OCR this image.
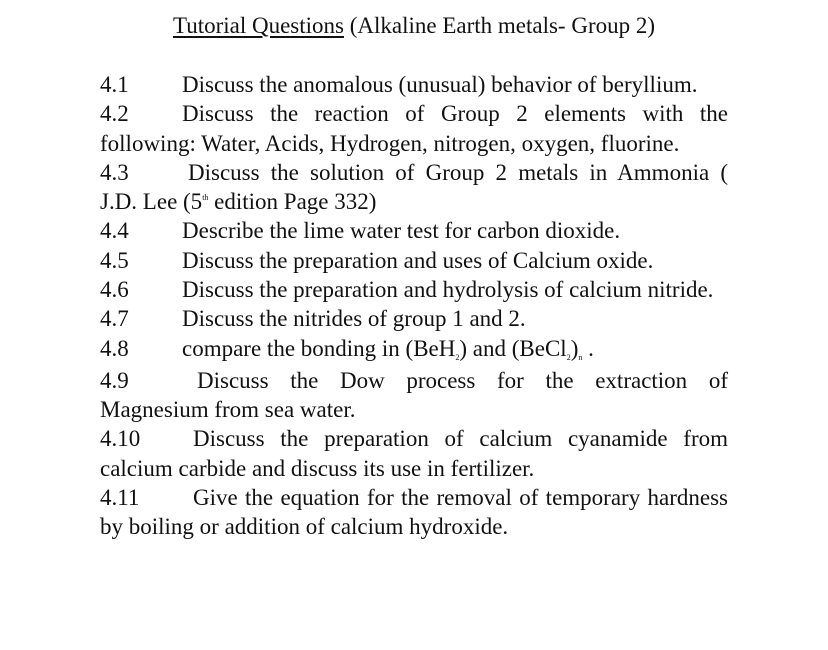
Tutorial Questions (Alkaline Earth metals- Group 2)
4.1 Discuss the anomalous (unusual) behavior of beryllium.
4.2 Discuss the reaction of Group 2 elements with the following: Water, Acids, Hydrogen, nitrogen, oxygen, fluorine.
4.3	Discuss the solution of Group 2 metals in Ammonia (
J.D. Lee (5th edition Page 332)
4.4 Describe the lime water test for carbon dioxide.
4.5 Discuss the preparation and uses of Calcium oxide.
4.6 Discuss the preparation and hydrolysis of calcium nitride.
4.7 Discuss the nitrides of group 1 and 2.
4.8 compare the bonding in (BeH$_2$) and $(BeCl_2)_n$ .
4.9	Discuss the Dow process for the extraction of Magnesium from sea water.
4.10 Discuss the preparation of calcium cyanamide from calcium carbide and discuss its use in fertilizer.
4.11 Give the equation for the removal of temporary hardness by boiling or addition of calcium hydroxide.
